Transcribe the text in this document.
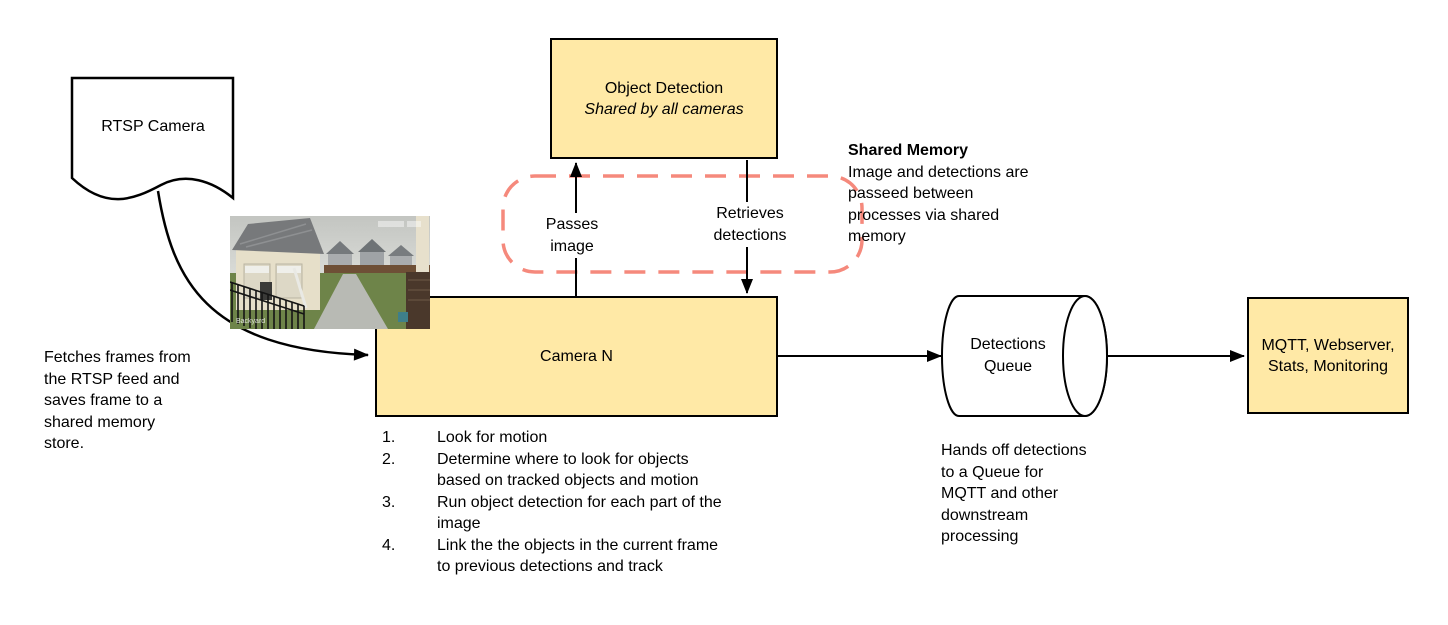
RTSP Camera
Fetches frames from
the RTSP feed and
saves frame to a
shared memory
store.
Object Detection
Shared by all cameras
Passes image
Retrieves detections
Shared Memory
Image and detections are
passeed between
processes via shared
memory
Camera N
1.	Look for motion
2.	Determine where to look for objects
based on tracked objects and motion
3.	Run object detection for each part of the
image
4.	Link the the objects in the current frame
to previous detections and track
Detections Queue
Hands off detections
to a Queue for
MQTT and other
downstream
processing
MQTT, Webserver, Stats, Monitoring
Backyard
